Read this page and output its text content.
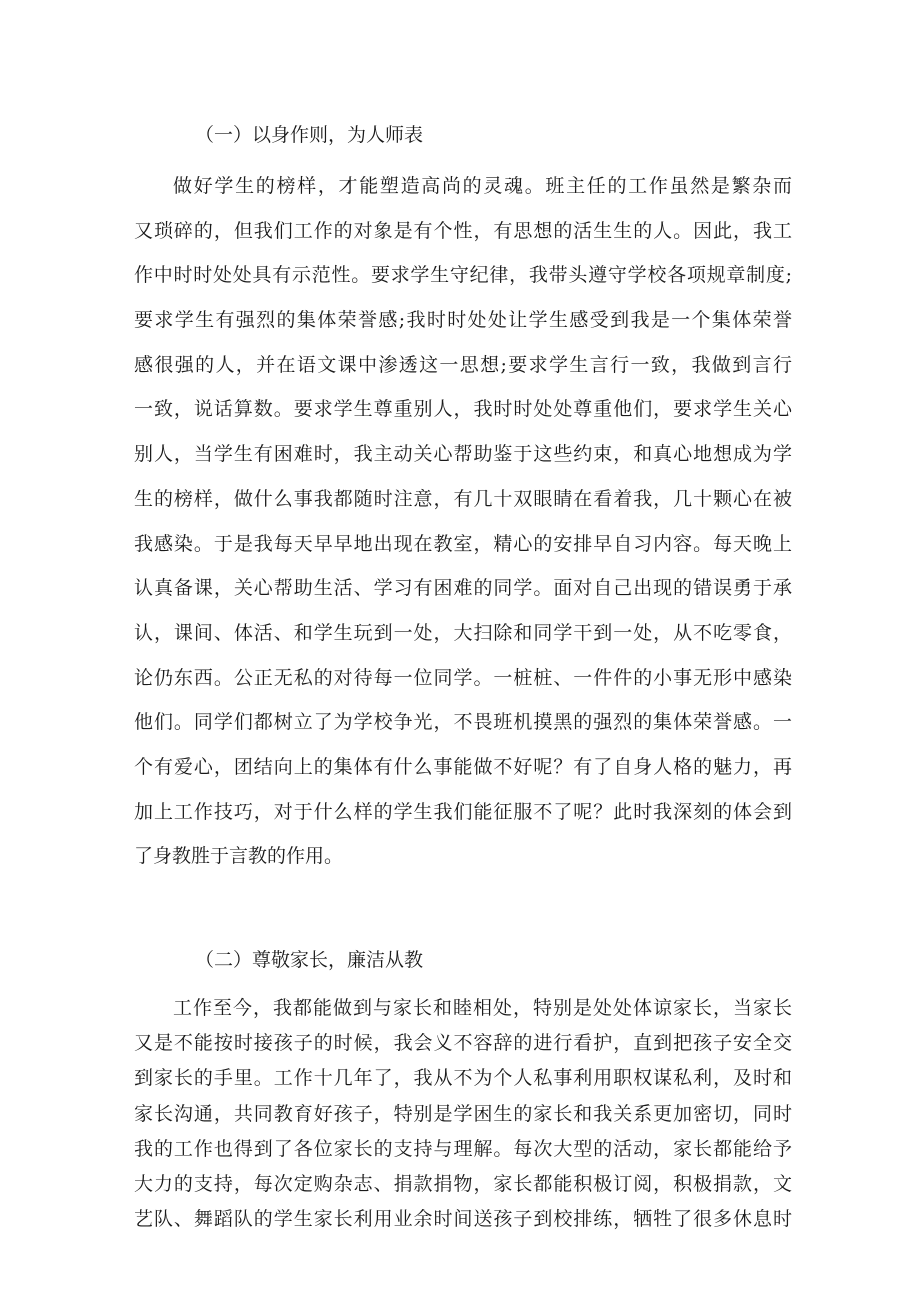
（一）以身作则，为人师表
做好学生的榜样，才能塑造高尚的灵魂。班主任的工作虽然是繁杂而
又琐碎的，但我们工作的对象是有个性，有思想的活生生的人。因此，我工
作中时时处处具有示范性。要求学生守纪律，我带头遵守学校各项规章制度;
要求学生有强烈的集体荣誉感;我时时处处让学生感受到我是一个集体荣誉
感很强的人，并在语文课中渗透这一思想;要求学生言行一致，我做到言行
一致，说话算数。要求学生尊重别人，我时时处处尊重他们，要求学生关心
别人，当学生有困难时，我主动关心帮助鉴于这些约束，和真心地想成为学
生的榜样，做什么事我都随时注意，有几十双眼睛在看着我，几十颗心在被
我感染。于是我每天早早地出现在教室，精心的安排早自习内容。每天晚上
认真备课，关心帮助生活、学习有困难的同学。面对自己出现的错误勇于承
认，课间、体活、和学生玩到一处，大扫除和同学干到一处，从不吃零食，
论仍东西。公正无私的对待每一位同学。一桩桩、一件件的小事无形中感染
他们。同学们都树立了为学校争光，不畏班机摸黑的强烈的集体荣誉感。一
个有爱心，团结向上的集体有什么事能做不好呢？有了自身人格的魅力，再
加上工作技巧，对于什么样的学生我们能征服不了呢？此时我深刻的体会到
了身教胜于言教的作用。
（二）尊敬家长，廉洁从教
工作至今，我都能做到与家长和睦相处，特别是处处体谅家长，当家长
又是不能按时接孩子的时候，我会义不容辞的进行看护，直到把孩子安全交
到家长的手里。工作十几年了，我从不为个人私事利用职权谋私利，及时和
家长沟通，共同教育好孩子，特别是学困生的家长和我关系更加密切，同时
我的工作也得到了各位家长的支持与理解。每次大型的活动，家长都能给予
大力的支持，每次定购杂志、捐款捐物，家长都能积极订阅，积极捐款，文
艺队、舞蹈队的学生家长利用业余时间送孩子到校排练，牺牲了很多休息时
